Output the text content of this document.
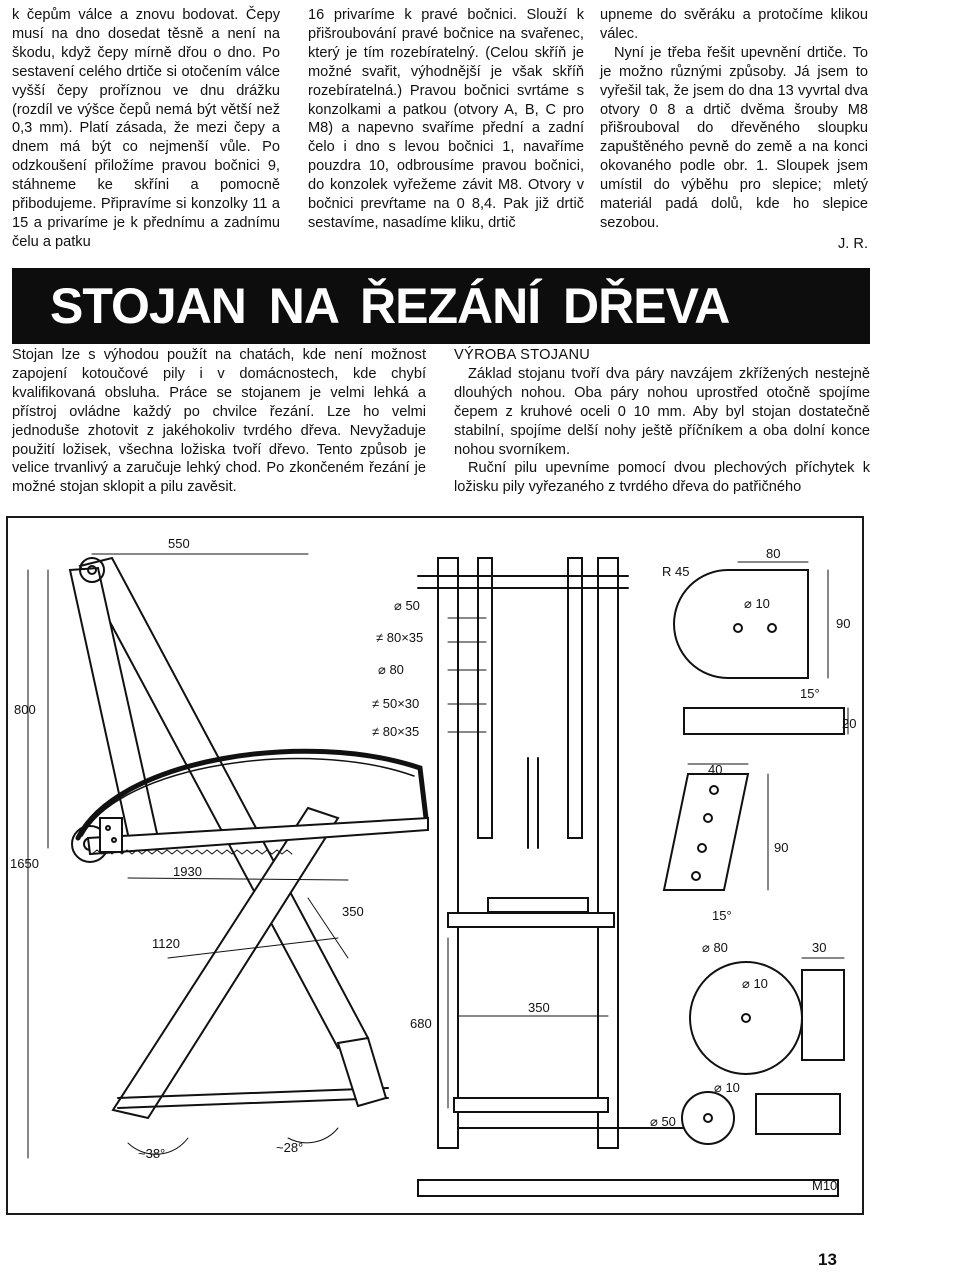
k čepům válce a znovu bodovat. Čepy musí na dno dosedat těsně a není na škodu, když čepy mírně dřou o dno. Po sestavení celého drtiče si otočením válce vyšší čepy proříznou ve dnu drážku (rozdíl ve výšce čepů nemá být větší než 0,3 mm). Platí zásada, že mezi čepy a dnem má být co nejmenší vůle. Po odzkoušení přiložíme pravou bočnici 9, stáhneme ke skříni a pomocně přibodujeme. Připravíme si konzolky 11 a 15 a privaríme je k přednímu a zadnímu čelu a patku

16 privaríme k pravé bočnici. Slouží k přišroubování pravé bočnice na svařenec, který je tím rozebíratelný. (Celou skříň je možné svařit, výhodnější je však skříň rozebíratelná.) Pravou bočnici svrtáme s konzolkami a patkou (otvory A, B, C pro M8) a napevno svaříme přední a zadní čelo i dno s levou bočnici 1, navaříme pouzdra 10, odbrousíme pravou bočnici, do konzolek vyřežeme závit M8. Otvory v bočnici prevŕtame na 0 8,4. Pak již drtič sestavíme, nasadíme kliku, drtič

upneme do svěráku a protočíme klikou válec.

Nyní je třeba řešit upevnění drtiče. To je možno různými způsoby. Já jsem to vyřešil tak, že jsem do dna 13 vyvrtal dva otvory 0 8 a drtič dvěma šrouby M8 přišrouboval do dřevěného sloupku zapuštěného pevně do země a na konci okovaného podle obr. 1. Sloupek jsem umístil do výběhu pro slepice; mletý materiál padá dolů, kde ho slepice sezobou.

J. R.
STOJAN NA ŘEZÁNÍ DŘEVA

Stojan lze s výhodou použít na chatách, kde není možnost zapojení kotoučové pily i v domácnostech, kde chybí kvalifikovaná obsluha. Práce se stojanem je velmi lehká a přístroj ovládne každý po chvilce řezání. Lze ho velmi jednoduše zhotovit z jakéhokoliv tvrdého dřeva. Nevyžaduje použití ložisek, všechna ložiska tvoří dřevo. Tento způsob je velice trvanlivý a zaručuje lehký chod. Po zkončeném řezání je možné stojan sklopit a pilu zavěsit.

VÝROBA STOJANU

Základ stojanu tvoří dva páry navzájem zkřížených nestejně dlouhých nohou. Oba páry nohou uprostřed otočně spojíme čepem z kruhové oceli 0 10 mm. Aby byl stojan dostatečně stabilní, spojíme delší nohy ještě příčníkem a oba dolní konce nohou svorníkem.

Ruční pilu upevníme pomocí dvou plechových příchytek k ložisku pily vyřezaného z tvrdého dřeva do patřičného

550
800
1650
1930
1120
350
~38°	~28°
⌀ 50
≠ 80×35
⌀ 80
≠ 50×30
≠ 80×35
680
350
R 45
80
⌀ 10
90
15°
20
40
90
15°
⌀ 80	30
⌀ 10
⌀ 50
⌀ 10
M10
13
